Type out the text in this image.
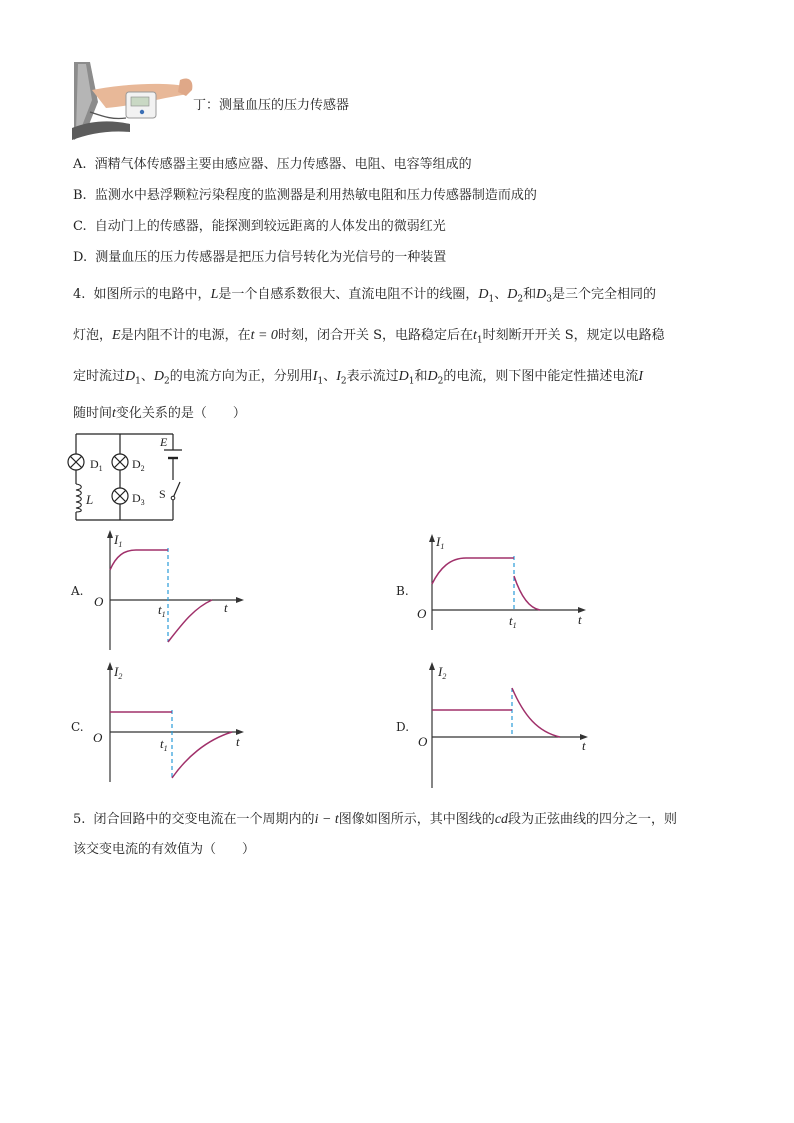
丁：测量血压的压力传感器
A. 酒精气体传感器主要由感应器、压力传感器、电阻、电容等组成的
B. 监测水中悬浮颗粒污染程度的监测器是利用热敏电阻和压力传感器制造而成的
C. 自动门上的传感器，能探测到较远距离的人体发出的微弱红光
D. 测量血压的压力传感器是把压力信号转化为光信号的一种装置
4. 如图所示的电路中，L是一个自感系数很大、直流电阻不计的线圈，$D_1$、$D_2$和$D_3$是三个完全相同的
灯泡，E是内阻不计的电源，在t = 0时刻，闭合开关 S，电路稳定后在$t_1$时刻断开开关 S，规定以电路稳
定时流过$D_1$、$D_2$的电流方向为正，分别用$I_1$、$I_2$表示流过$D_1$和$D_2$的电流，则下图中能定性描述电流I
随时间t变化关系的是（　　）
$D_1$ $D_2$
$D_3$
L
E
S
A.
$I_1$
O
$t_1$	t
B.
$I_1$
O	$t_1$	t
C.
$I_2$
O	$t_1$	t
D.
$I_2$
O	t
5. 闭合回路中的交变电流在一个周期内的i − t图像如图所示，其中图线的cd段为正弦曲线的四分之一，则
该交变电流的有效值为（　　）
